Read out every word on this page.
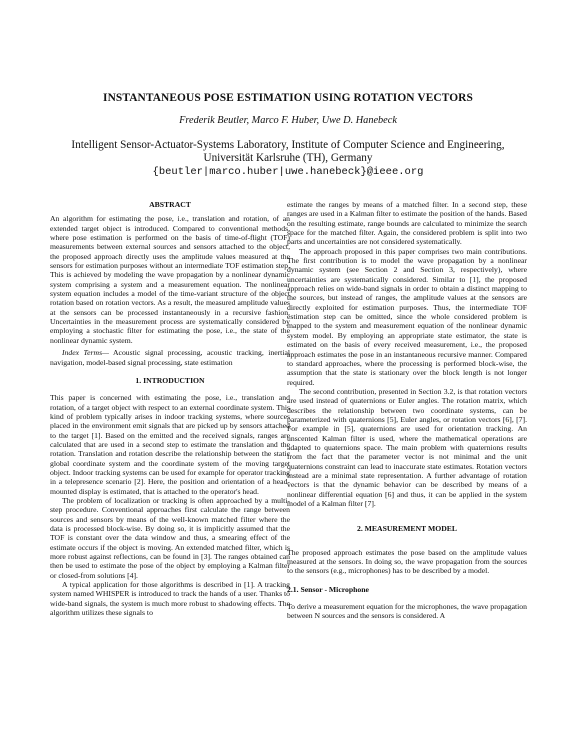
INSTANTANEOUS POSE ESTIMATION USING ROTATION VECTORS
Frederik Beutler, Marco F. Huber, Uwe D. Hanebeck
Intelligent Sensor-Actuator-Systems Laboratory, Institute of Computer Science and Engineering,
Universität Karlsruhe (TH), Germany
{beutler|marco.huber|uwe.hanebeck}@ieee.org
ABSTRACT

An algorithm for estimating the pose, i.e., translation and rotation, of an extended target object is introduced. Compared to conventional methods, where pose estimation is performed on the basis of time-of-flight (TOF) measurements between external sources and sensors attached to the object, the proposed approach directly uses the amplitude values measured at the sensors for estimation purposes without an intermediate TOF estimation step. This is achieved by modeling the wave propagation by a nonlinear dynamic system comprising a system and a measurement equation. The nonlinear system equation includes a model of the time-variant structure of the object rotation based on rotation vectors. As a result, the measured amplitude values at the sensors can be processed instantaneously in a recursive fashion. Uncertainties in the measurement process are systematically considered by employing a stochastic filter for estimating the pose, i.e., the state of the nonlinear dynamic system.

Index Terms— Acoustic signal processing, acoustic tracking, inertial navigation, model-based signal processing, state estimation

1. INTRODUCTION

This paper is concerned with estimating the pose, i.e., translation and rotation, of a target object with respect to an external coordinate system. This kind of problem typically arises in indoor tracking systems, where sources placed in the environment emit signals that are picked up by sensors attached to the target [1]. Based on the emitted and the received signals, ranges are calculated that are used in a second step to estimate the translation and the rotation. Translation and rotation describe the relationship between the static global coordinate system and the coordinate system of the moving target object. Indoor tracking systems can be used for example for operator tracking in a telepresence scenario [2]. Here, the position and orientation of a head-mounted display is estimated, that is attached to the operator's head.

The problem of localization or tracking is often approached by a multi-step procedure. Conventional approaches first calculate the range between sources and sensors by means of the well-known matched filter where the data is processed block-wise. By doing so, it is implicitly assumed that the TOF is constant over the data window and thus, a smearing effect of the estimate occurs if the object is moving. An extended matched filter, which is more robust against reflections, can be found in [3]. The ranges obtained can then be used to estimate the pose of the object by employing a Kalman filter or closed-from solutions [4].

A typical application for those algorithms is described in [1]. A tracking system named WHISPER is introduced to track the hands of a user. Thanks to wide-band signals, the system is much more robust to shadowing effects. The algorithm utilizes these signals to

estimate the ranges by means of a matched filter. In a second step, these ranges are used in a Kalman filter to estimate the position of the hands. Based on the resulting estimate, range bounds are calculated to minimize the search space for the matched filter. Again, the considered problem is split into two parts and uncertainties are not considered systematically.

The approach proposed in this paper comprises two main contributions. The first contribution is to model the wave propagation by a nonlinear dynamic system (see Section 2 and Section 3, respectively), where uncertainties are systematically considered. Similar to [1], the proposed approach relies on wide-band signals in order to obtain a distinct mapping to the sources, but instead of ranges, the amplitude values at the sensors are directly exploited for estimation purposes. Thus, the intermediate TOF estimation step can be omitted, since the whole considered problem is mapped to the system and measurement equation of the nonlinear dynamic system model. By employing an appropriate state estimator, the state is estimated on the basis of every received measurement, i.e., the proposed approach estimates the pose in an instantaneous recursive manner. Compared to standard approaches, where the processing is performed block-wise, the assumption that the state is stationary over the block length is not longer required.

The second contribution, presented in Section 3.2, is that rotation vectors are used instead of quaternions or Euler angles. The rotation matrix, which describes the relationship between two coordinate systems, can be parameterized with quaternions [5], Euler angles, or rotation vectors [6], [7]. For example in [5], quaternions are used for orientation tracking. An unscented Kalman filter is used, where the mathematical operations are adapted to quaternions space. The main problem with quaternions results from the fact that the parameter vector is not minimal and the unit quaternions constraint can lead to inaccurate state estimates. Rotation vectors instead are a minimal state representation. A further advantage of rotation vectors is that the dynamic behavior can be described by means of a nonlinear differential equation [6] and thus, it can be applied in the system model of a Kalman filter [7].

2. MEASUREMENT MODEL

The proposed approach estimates the pose based on the amplitude values measured at the sensors. In doing so, the wave propagation from the sources to the sensors (e.g., microphones) has to be described by a model.

2.1. Sensor - Microphone

To derive a measurement equation for the microphones, the wave propagation between N sources and the sensors is considered. A
